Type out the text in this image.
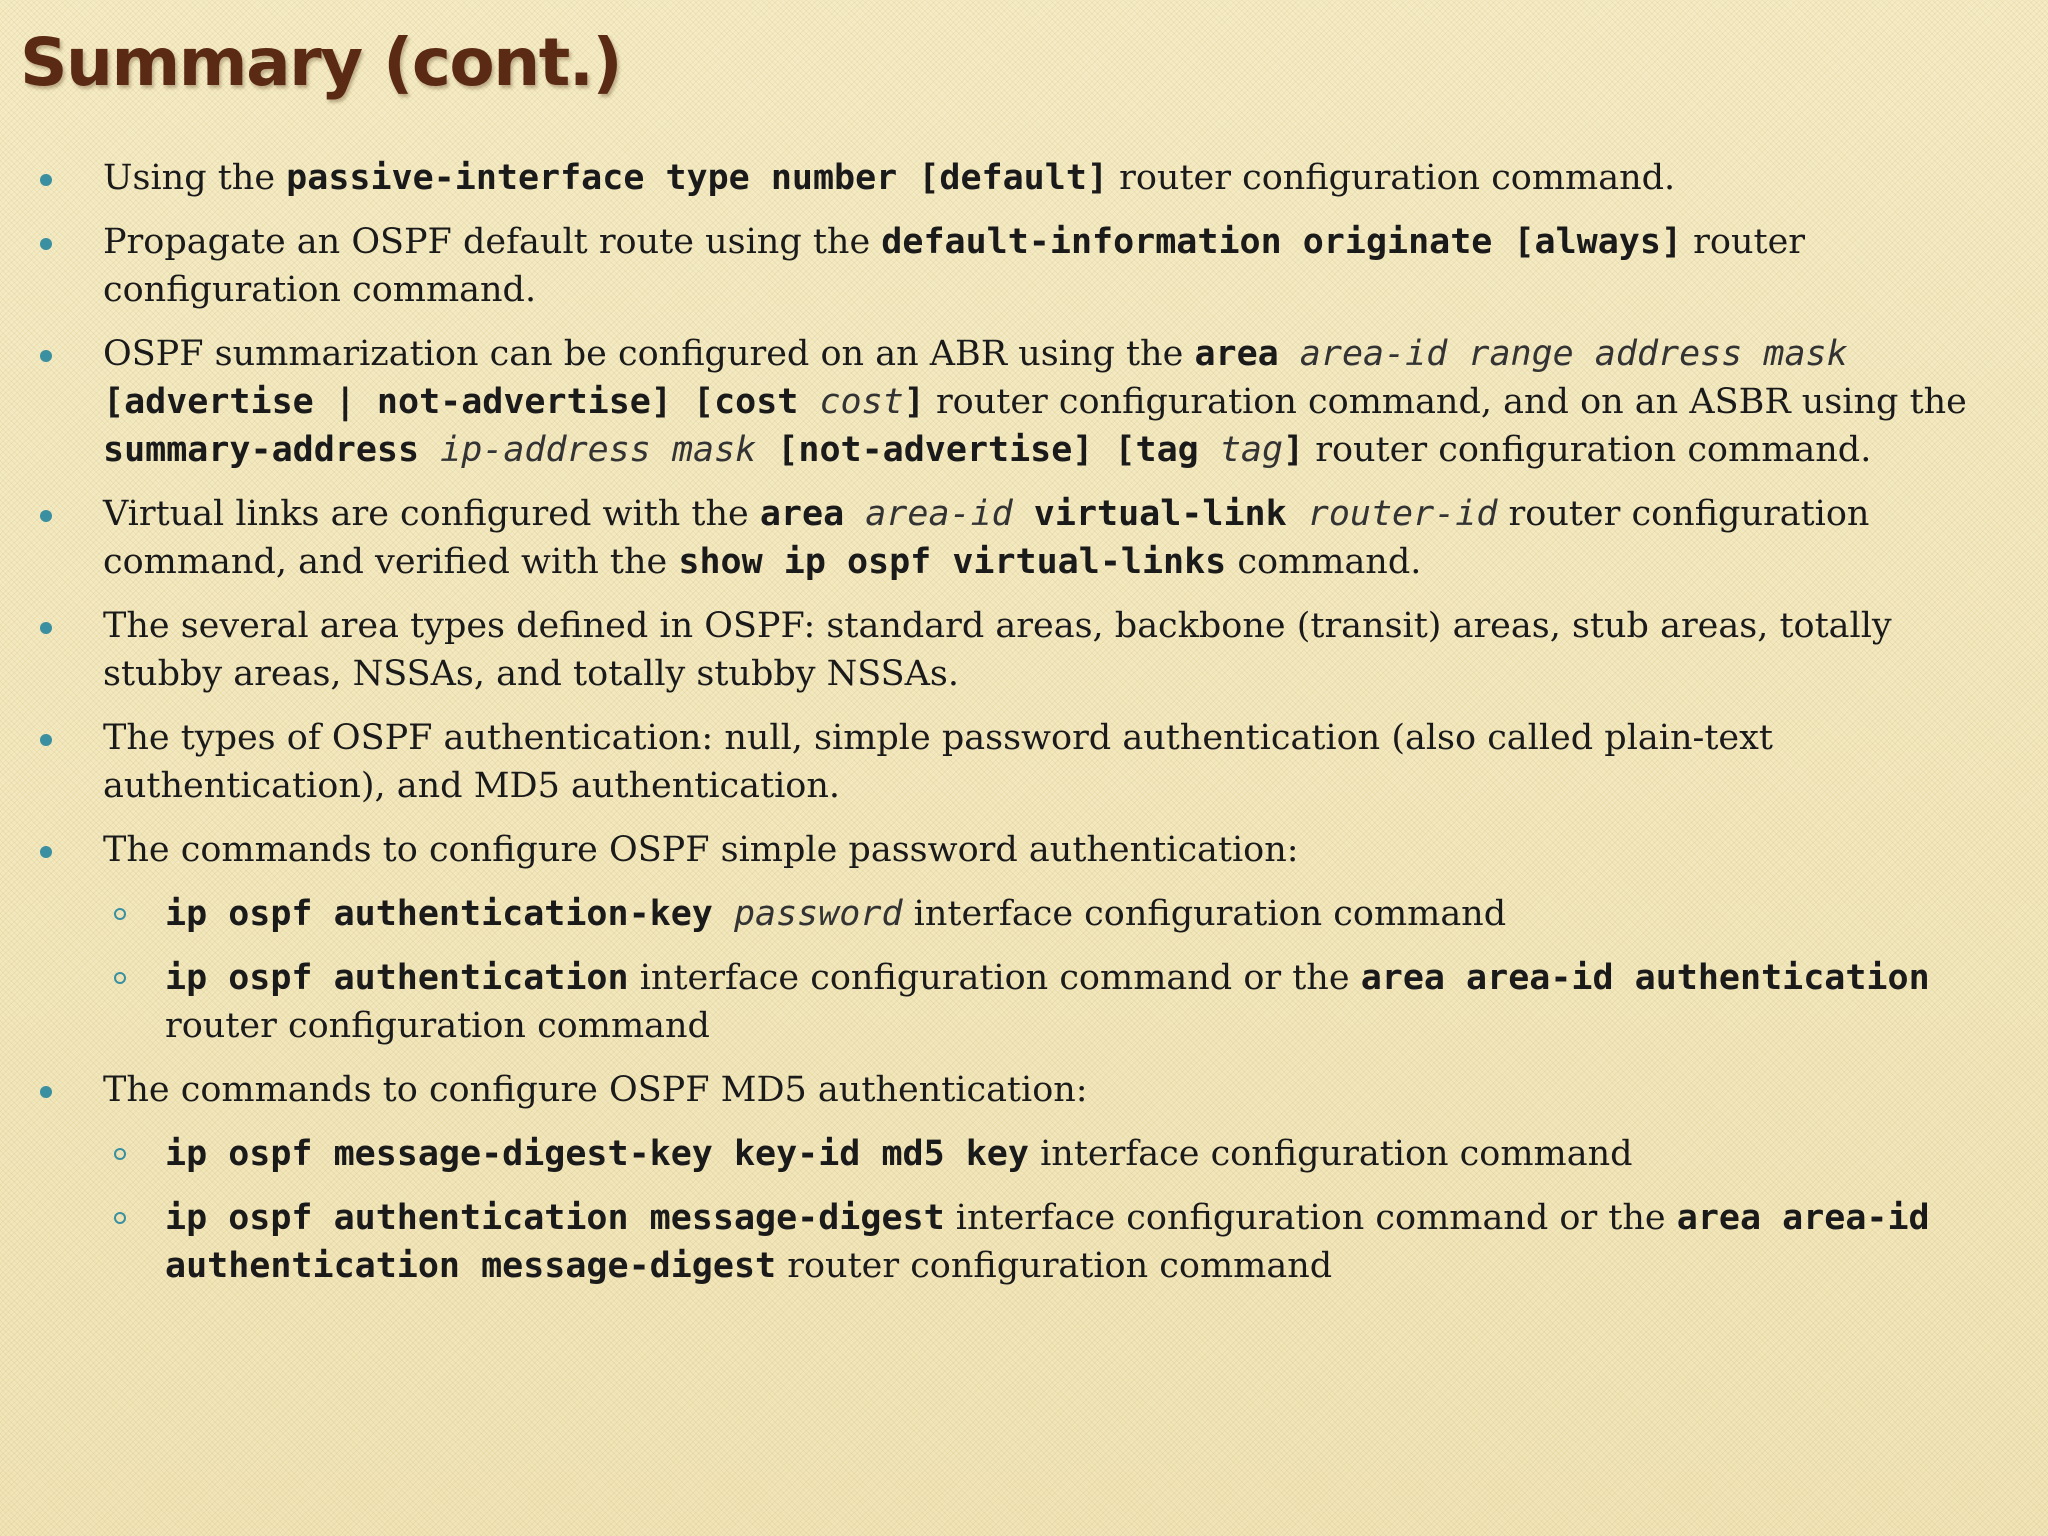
Summary (cont.)
Using the passive-interface type number [default] router configuration command.
Propagate an OSPF default route using the default-information originate [always] router configuration command.
OSPF summarization can be configured on an ABR using the area area-id range address mask [advertise | not-advertise] [cost cost] router configuration command, and on an ASBR using the summary-address ip-address mask [not-advertise] [tag tag] router configuration command.
Virtual links are configured with the area area-id virtual-link router-id router configuration command, and verified with the show ip ospf virtual-links command.
The several area types defined in OSPF: standard areas, backbone (transit) areas, stub areas, totally stubby areas, NSSAs, and totally stubby NSSAs.
The types of OSPF authentication: null, simple password authentication (also called plain-text authentication), and MD5 authentication.
The commands to configure OSPF simple password authentication:
ip ospf authentication-key password interface configuration command
ip ospf authentication interface configuration command or the area area-id authentication router configuration command
The commands to configure OSPF MD5 authentication:
ip ospf message-digest-key key-id md5 key interface configuration command
ip ospf authentication message-digest interface configuration command or the area area-id authentication message-digest router configuration command
